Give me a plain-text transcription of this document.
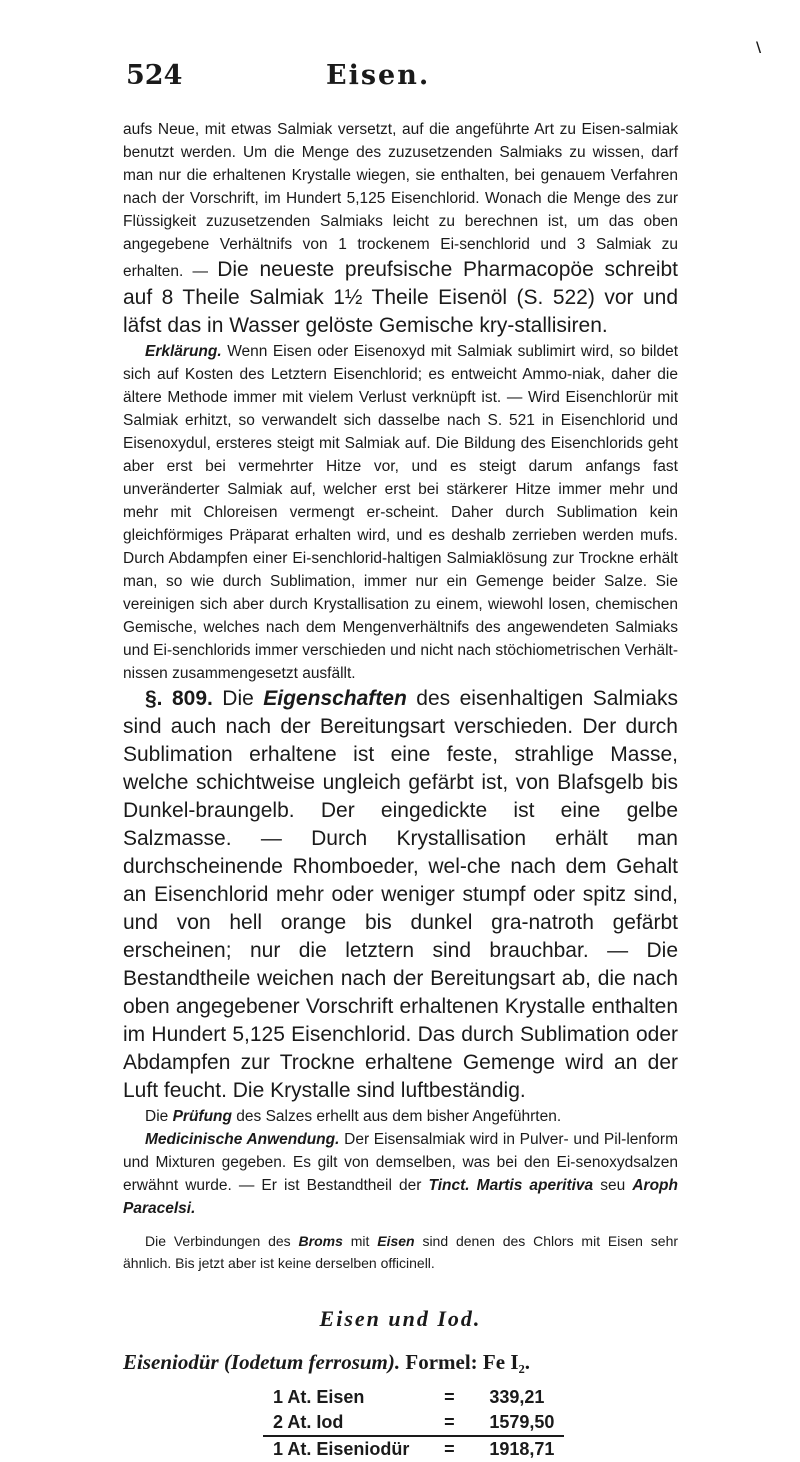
524	Eisen.
\

aufs Neue, mit etwas Salmiak versetzt, auf die angeführte Art zu Eisen-salmiak benutzt werden. Um die Menge des zuzusetzenden Salmiaks zu wissen, darf man nur die erhaltenen Krystalle wiegen, sie enthalten, bei genauem Verfahren nach der Vorschrift, im Hundert 5,125 Eisenchlorid. Wonach die Menge des zur Flüssigkeit zuzusetzenden Salmiaks leicht zu berechnen ist, um das oben angegebene Verhältnifs von 1 trockenem Ei-senchlorid und 3 Salmiak zu erhalten. — Die neueste preufsische Pharmacopöe schreibt auf 8 Theile Salmiak 1½ Theile Eisenöl (S. 522) vor und läfst das in Wasser gelöste Gemische kry-stallisiren.

Erklärung. Wenn Eisen oder Eisenoxyd mit Salmiak sublimirt wird, so bildet sich auf Kosten des Letztern Eisenchlorid; es entweicht Ammo-niak, daher die ältere Methode immer mit vielem Verlust verknüpft ist. — Wird Eisenchlorür mit Salmiak erhitzt, so verwandelt sich dasselbe nach S. 521 in Eisenchlorid und Eisenoxydul, ersteres steigt mit Salmiak auf. Die Bildung des Eisenchlorids geht aber erst bei vermehrter Hitze vor, und es steigt darum anfangs fast unveränderter Salmiak auf, welcher erst bei stärkerer Hitze immer mehr und mehr mit Chloreisen vermengt er-scheint. Daher durch Sublimation kein gleichförmiges Präparat erhalten wird, und es deshalb zerrieben werden mufs. Durch Abdampfen einer Ei-senchlorid-haltigen Salmiaklösung zur Trockne erhält man, so wie durch Sublimation, immer nur ein Gemenge beider Salze. Sie vereinigen sich aber durch Krystallisation zu einem, wiewohl losen, chemischen Gemische, welches nach dem Mengenverhältnifs des angewendeten Salmiaks und Ei-senchlorids immer verschieden und nicht nach stöchiometrischen Verhält-nissen zusammengesetzt ausfällt.

§. 809. Die Eigenschaften des eisenhaltigen Salmiaks sind auch nach der Bereitungsart verschieden. Der durch Sublimation erhaltene ist eine feste, strahlige Masse, welche schichtweise ungleich gefärbt ist, von Blafsgelb bis Dunkel-braungelb. Der eingedickte ist eine gelbe Salzmasse. — Durch Krystallisation erhält man durchscheinende Rhomboeder, wel-che nach dem Gehalt an Eisenchlorid mehr oder weniger stumpf oder spitz sind, und von hell orange bis dunkel gra-natroth gefärbt erscheinen; nur die letztern sind brauchbar. — Die Bestandtheile weichen nach der Bereitungsart ab, die nach oben angegebener Vorschrift erhaltenen Krystalle enthalten im Hundert 5,125 Eisenchlorid. Das durch Sublimation oder Abdampfen zur Trockne erhaltene Gemenge wird an der Luft feucht. Die Krystalle sind luftbeständig.

Die Prüfung des Salzes erhellt aus dem bisher Angeführten.

Medicinische Anwendung. Der Eisensalmiak wird in Pulver- und Pil-lenform und Mixturen gegeben. Es gilt von demselben, was bei den Ei-senoxydsalzen erwähnt wurde. — Er ist Bestandtheil der Tinct. Martis aperitiva seu Aroph Paracelsi.

Die Verbindungen des Broms mit Eisen sind denen des Chlors mit Eisen sehr ähnlich. Bis jetzt aber ist keine derselben officinell.

Eisen und Iod.
Eiseniodür (Iodetum ferrosum). Formel: Fe I₂.
1 At. Eisen	=	339,21
2 At. Iod	=	1579,50
1 At. Eiseniodür	=	1918,71
